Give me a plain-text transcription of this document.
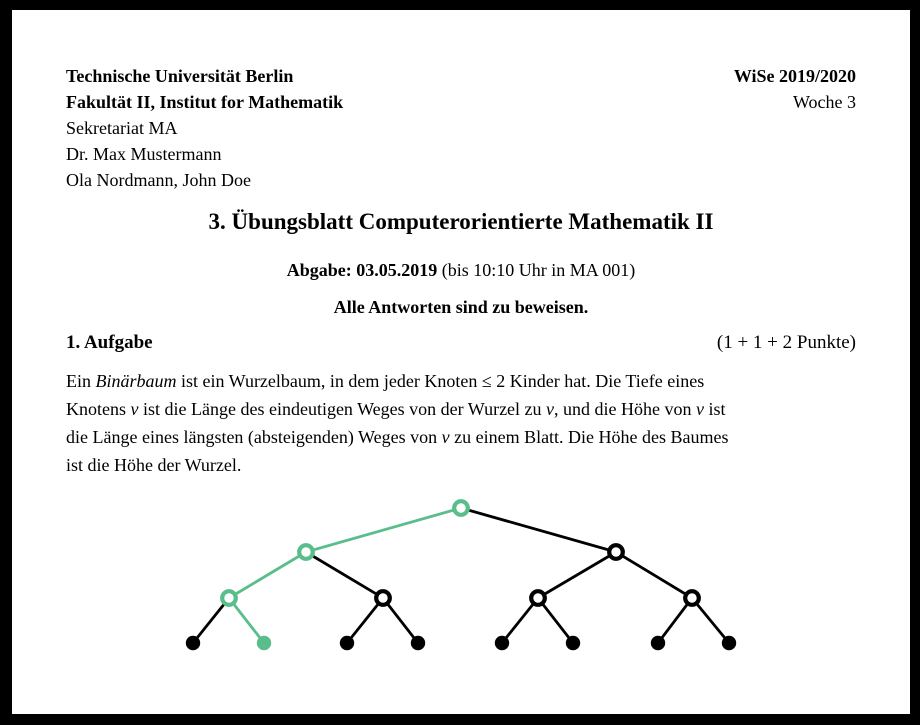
Technische Universität Berlin
Fakultät II, Institut for Mathematik
Sekretariat MA
Dr. Max Mustermann
Ola Nordmann, John Doe
WiSe 2019/2020
Woche 3
3. Übungsblatt Computerorientierte Mathematik II

Abgabe: 03.05.2019 (bis 10:10 Uhr in MA 001)

Alle Antworten sind zu beweisen.

1. Aufgabe	(1 + 1 + 2 Punkte)
Ein Binärbaum ist ein Wurzelbaum, in dem jeder Knoten ≤ 2 Kinder hat. Die Tiefe eines
Knotens v ist die Länge des eindeutigen Weges von der Wurzel zu v, und die Höhe von v ist
die Länge eines längsten (absteigenden) Weges von v zu einem Blatt. Die Höhe des Baumes
ist die Höhe der Wurzel.
